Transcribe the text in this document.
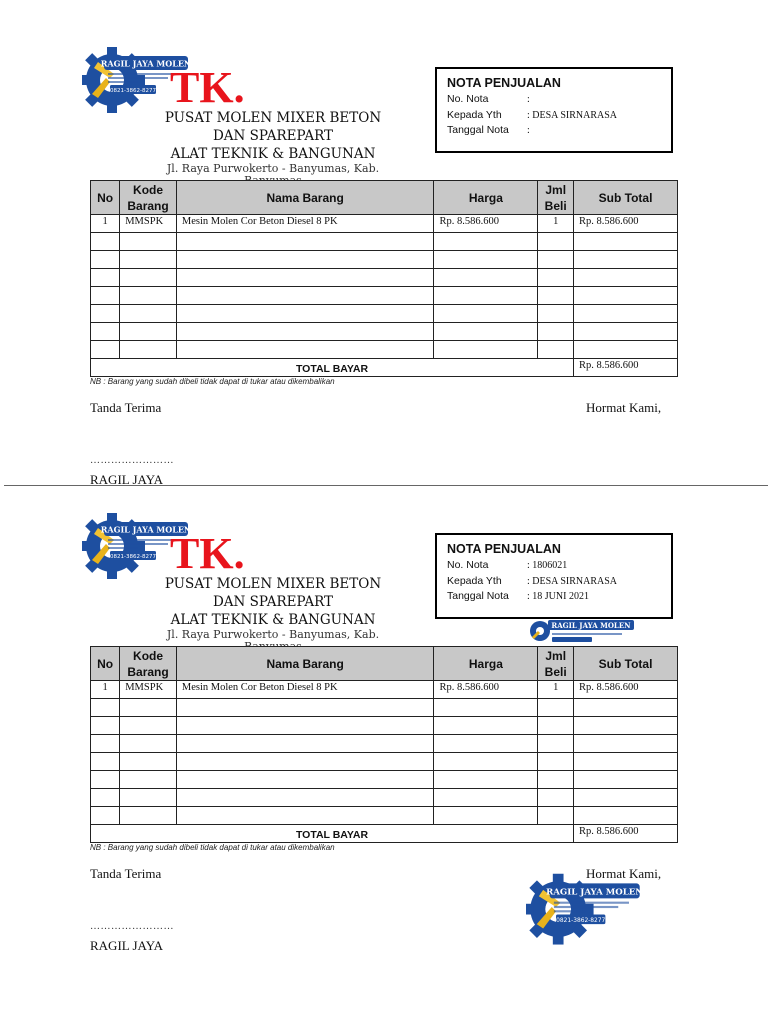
TK.
PUSAT MOLEN MIXER BETON
DAN SPAREPART
ALAT TEKNIK & BANGUNAN
Jl. Raya Purwokerto - Banyumas, Kab.
NOTA PENJUALAN
No. Nota	:
Kepada Yth	: DESA SIRNARASA
Tanggal Nota	:
No	Kode Barang	Nama Barang	Harga	Jml Beli	Sub Total
1	MMSPK	Mesin Molen Cor Beton Diesel 8 PK	Rp. 8.586.600	1	Rp. 8.586.600

TOTAL BAYAR					Rp. 8.586.600
NB : Barang yang sudah dibeli tidak dapat di tukar atau dikembalikan
Tanda Terima	Hormat Kami,
……………………
RAGIL JAYA
TK.
PUSAT MOLEN MIXER BETON
DAN SPAREPART
ALAT TEKNIK & BANGUNAN
Jl. Raya Purwokerto - Banyumas, Kab.
NOTA PENJUALAN
No. Nota	: 1806021
Kepada Yth	: DESA SIRNARASA
Tanggal Nota	: 18 JUNI 2021
RAGIL JAYA MOLEN
No	Kode Barang	Nama Barang	Harga	Jml Beli	Sub Total
1	MMSPK	Mesin Molen Cor Beton Diesel 8 PK	Rp. 8.586.600	1	Rp. 8.586.600

TOTAL BAYAR					Rp. 8.586.600
NB : Barang yang sudah dibeli tidak dapat di tukar atau dikembalikan
Tanda Terima	Hormat Kami,
……………………
RAGIL JAYA
